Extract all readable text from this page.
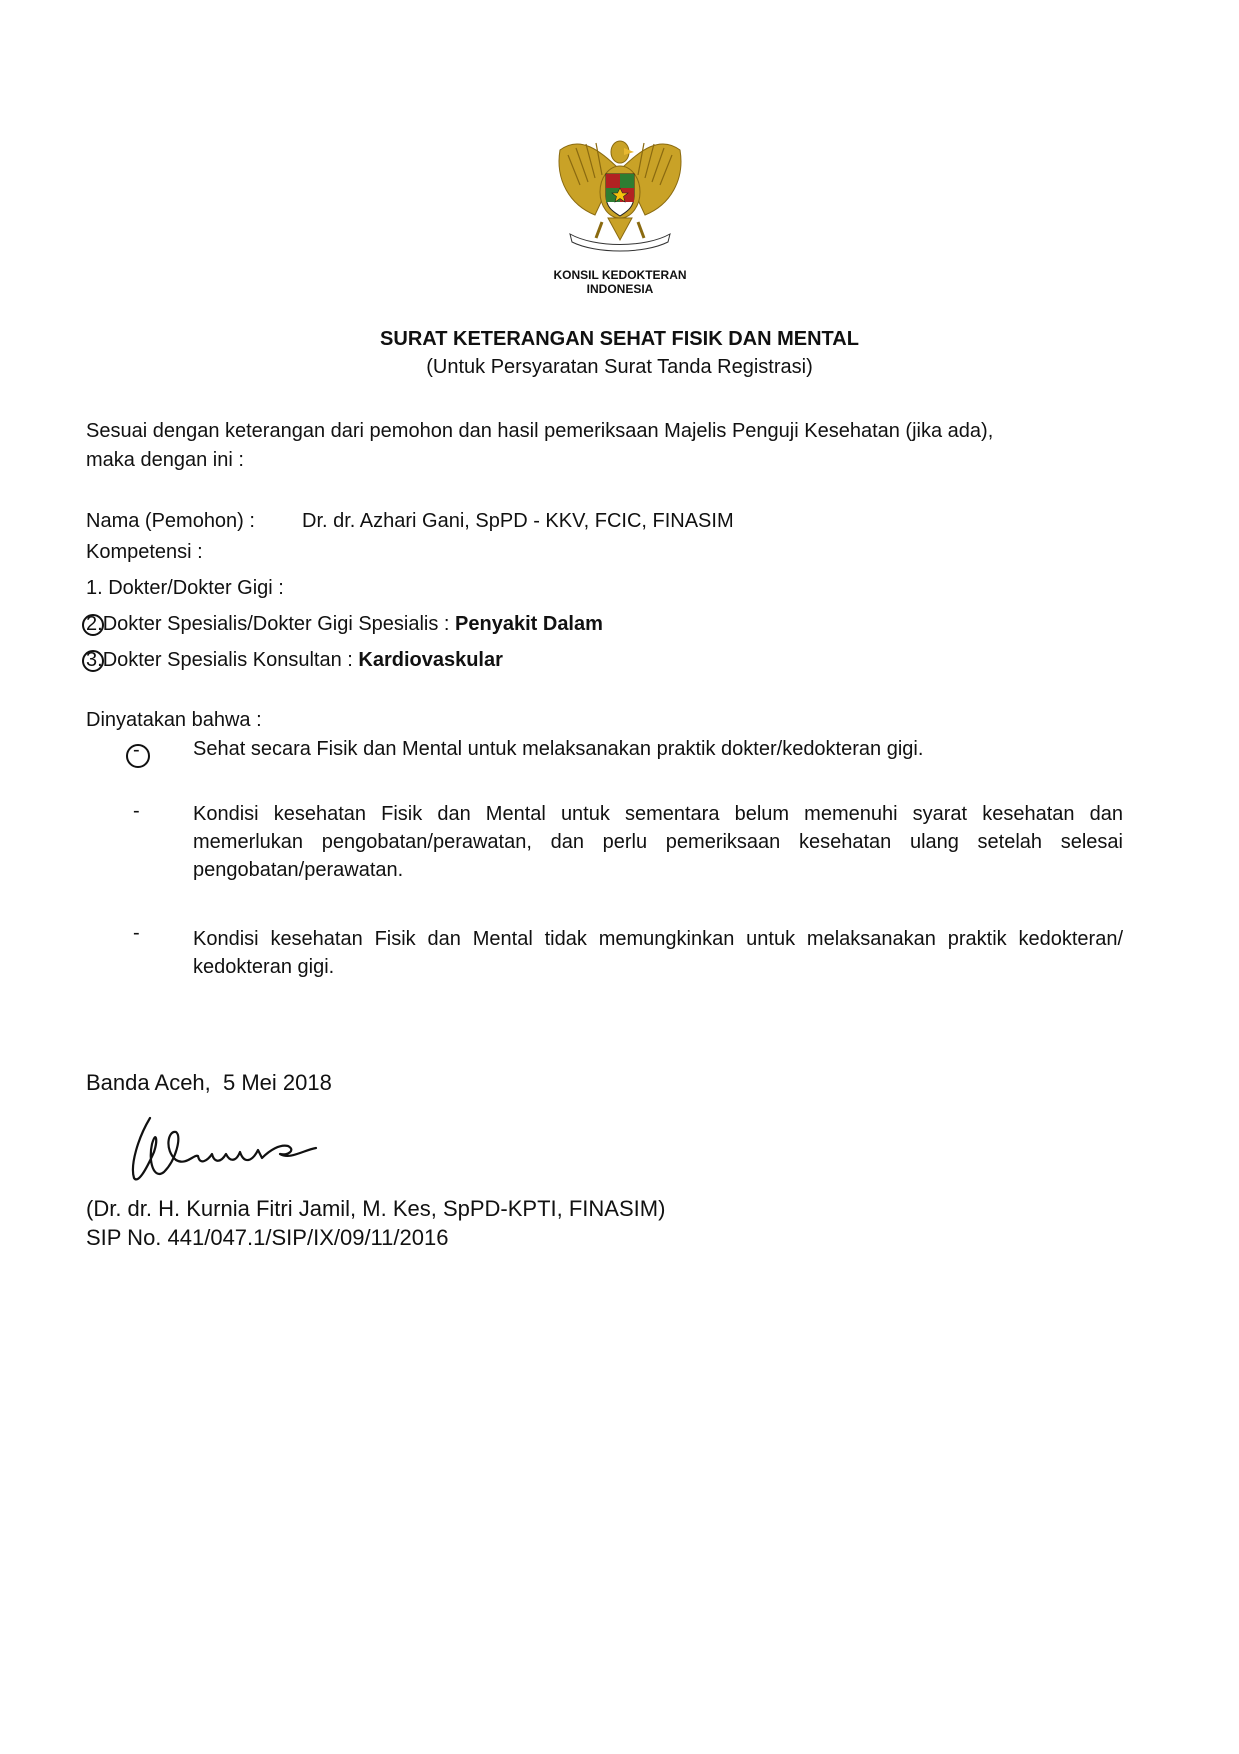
KONSIL KEDOKTERAN
INDONESIA
SURAT KETERANGAN SEHAT FISIK DAN MENTAL
(Untuk Persyaratan Surat Tanda Registrasi)
Sesuai dengan keterangan dari pemohon dan hasil pemeriksaan Majelis Penguji Kesehatan (jika ada),
maka dengan ini :
Nama (Pemohon) : Dr. dr. Azhari Gani, SpPD - KKV, FCIC, FINASIM
Kompetensi :
1. Dokter/Dokter Gigi :
2.Dokter Spesialis/Dokter Gigi Spesialis : Penyakit Dalam
3.Dokter Spesialis Konsultan : Kardiovaskular
Dinyatakan bahwa :
-	Sehat secara Fisik dan Mental untuk melaksanakan praktik dokter/kedokteran gigi.
-	Kondisi kesehatan Fisik dan Mental untuk sementara belum memenuhi syarat kesehatan dan memerlukan pengobatan/perawatan, dan perlu pemeriksaan kesehatan ulang setelah selesai pengobatan/perawatan.
-	Kondisi kesehatan Fisik dan Mental tidak memungkinkan untuk melaksanakan praktik kedokteran/ kedokteran gigi.
Banda Aceh,  5 Mei 2018
(Dr. dr. H. Kurnia Fitri Jamil, M. Kes, SpPD-KPTI, FINASIM)
SIP No. 441/047.1/SIP/IX/09/11/2016
